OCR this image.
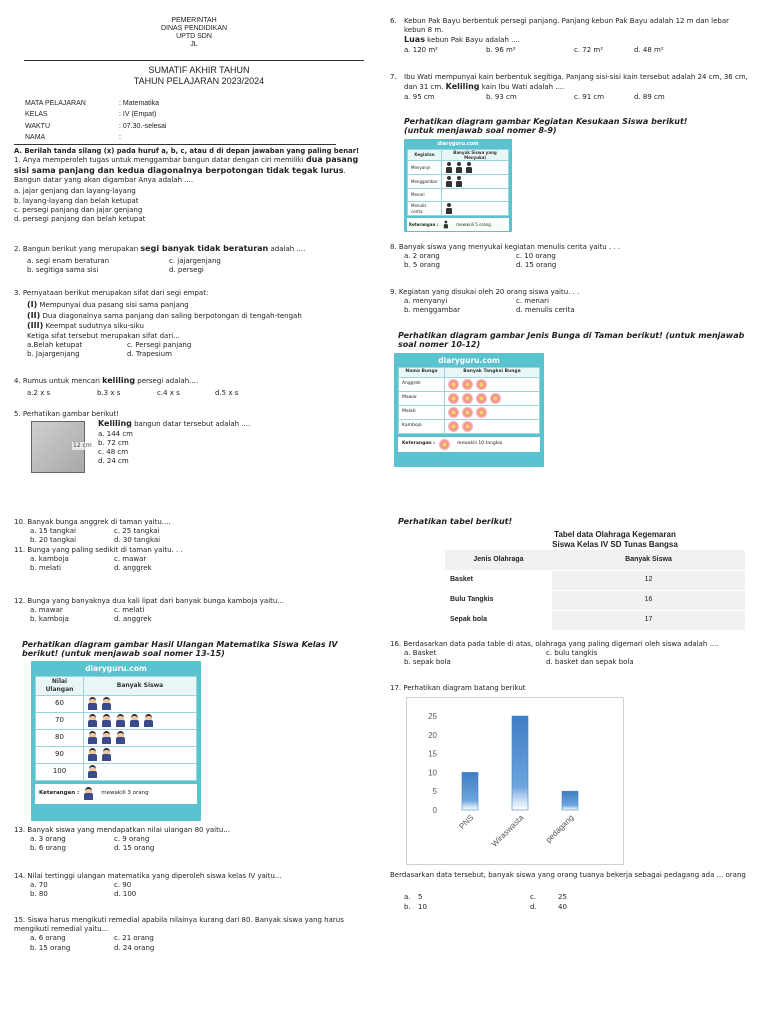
PEMERINTAH
DINAS PENDIDIKAN
UPTD SDN
JL
SUMATIF AKHIR TAHUN
TAHUN PELAJARAN 2023/2024
MATA PELAJARAN	: Matematika
KELAS	: IV (Empat)
WAKTU	: 07.30.-selesai
NAMA	:
A. Berilah tanda silang (x) pada huruf a, b, c, atau d di depan jawaban yang paling benar!
1. Anya memperoleh tugas untuk menggambar bangun datar dengan ciri memiliki dua pasang sisi sama panjang dan kedua diagonalnya berpotongan tidak tegak lurus. Bangun datar yang akan digambar Anya adalah ....
a. jajar genjang dan layang-layang
b. layang-layang dan belah ketupat
c. persegi panjang dan jajar genjang
d. persegi panjang dan belah ketupat
2. Bangun berikut yang merupakan segi banyak tidak beraturan adalah ....
a. segi enam beraturan	c. jajargenjang
b. segitiga sama sisi	d. persegi
3. Pernyataan berikut merupakan sifat dari segi empat:
(I) Mempunyai dua pasang sisi sama panjang
(II) Dua diagonalnya sama panjang dan saling berpotongan di tengah-tengah
(III) Keempat sudutnya siku-siku
Ketiga sifat tersebut merupakan sifat dari...
a.Belah ketupat	c. Persegi panjang
b. Jajargenjang	d. Trapesium
4. Rumus untuk mencari keliling persegi adalah....
a.2 x s	b.3 x s	c.4 x s	d.5 x s
5. Perhatikan gambar berikut!
12 cm
Keliling bangun datar tersebut adalah ....
a. 144 cm
b. 72 cm
c. 48 cm
d. 24 cm
10. Banyak bunga anggrek di taman yaitu....
a. 15 tangkai	c. 25 tangkai
b. 20 tangkai	d. 30 tangkai
11. Bunga yang paling sedikit di taman yaitu. . .
a. kamboja	c. mawar
b. melati	d. anggrek
12. Bunga yang banyaknya dua kali lipat dari banyak bunga kamboja yaitu...
a. mawar	c. melati
b. kamboja	d. anggrek
Perhatikan diagram gambar Hasil Ulangan Matematika Siswa Kelas IV berikut! (untuk menjawab soal nomer 13-15)
diaryguru.com
Nilai Ulangan	Banyak Siswa
60	
70	
80	
90	
100	
Keterangan :	mewakili 3 orang
13. Banyak siswa yang mendapatkan nilai ulangan 80 yaitu...
a. 3 orang	c. 9 orang
b. 6 orang	d. 15 orang
14. Nilai tertinggi ulangan matematika yang diperoleh siswa kelas IV yaitu...
a. 70	c. 90
b. 80	d. 100
15. Siswa harus mengikuti remedial apabila nilainya kurang dari 80. Banyak siswa yang harus mengikuti remedial yaitu...
a. 6 orang	c. 21 orang
b. 15 orang	d. 24 orang
6.	Kebun Pak Bayu berbentuk persegi panjang. Panjang kebun Pak Bayu adalah 12 m dan lebar kebun 8 m.
Luas kebun Pak Bayu adalah ....
a. 120 m²	b. 96 m²	c. 72 m²	d. 48 m²
7.	Ibu Wati mempunyai kain berbentuk segitiga. Panjang sisi-sisi kain tersebut adalah 24 cm, 36 cm, dan 31 cm. Keliling kain Ibu Wati adalah ....
a. 95 cm	b. 93 cm	c. 91 cm	d. 89 cm
Perhatikan diagram gambar Kegiatan Kesukaan Siswa berikut!
(untuk menjawab soal nomer 8-9)
diaryguru.com
Kegiatan	Banyak Siswa yang Menyukai
Menyanyi	
Menggambar	
Menari	
Menulis cerita	
Keterangan :	mewakili 5 orang
8. Banyak siswa yang menyukai kegiatan menulis cerita yaitu . . .
a. 2 orang	c. 10 orang
b. 5 orang	d. 15 orang
9. Kegiatan yang disukai oleh 20 orang siswa yaitu. . .
a. menyanyi	c. menari
b. menggambar	d. menulis cerita
Perhatikan diagram gambar Jenis Bunga di Taman berikut! (untuk menjawab soal nomer 10-12)
diaryguru.com
Nama Bunga	Banyak Tangkai Bunga
Anggrek	
Mawar	
Melati	
Kamboja	
Keterangan :	mewakili 10 tangkai
Perhatikan tabel berikut!
Tabel data Olahraga Kegemaran
Siswa Kelas IV SD Tunas Bangsa
Jenis Olahraga	Banyak Siswa
Basket	12
Bulu Tangkis	16
Sepak bola	17
16. Berdasarkan data pada table di atas, olahraga yang paling digemari oleh siswa adalah ....
a. Basket	c. bulu tangkis
b. sepak bola	d. basket dan sepak bola
17. Perhatikan diagram batang berikut
0
5
10
15
20
25
PNS Wiraswasta pedagang
Berdasarkan data tersebut, banyak siswa yang orang tuanya bekerja sebagai pedagang ada ... orang
a.	5	c.	25
b.	10	d.	40
